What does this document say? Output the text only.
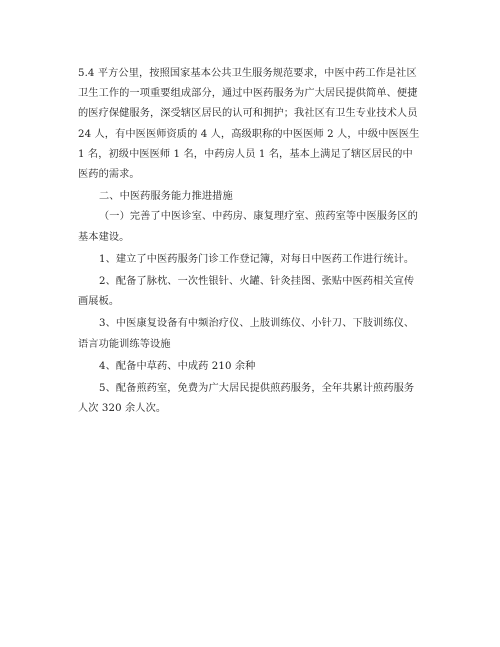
5.4 平方公里，按照国家基本公共卫生服务规范要求，中医中药工作是社区卫生工作的一项重要组成部分，通过中医药服务为广大居民提供简单、便捷的医疗保健服务，深受辖区居民的认可和拥护；我社区有卫生专业技术人员 24 人，有中医医师资质的 4 人，高级职称的中医医师 2 人，中级中医医生 1 名，初级中医医师 1 名，中药房人员 1 名，基本上满足了辖区居民的中医药的需求。

二、中医药服务能力推进措施

（一）完善了中医诊室、中药房、康复理疗室、煎药室等中医服务区的基本建设。

1、建立了中医药服务门诊工作登记簿，对每日中医药工作进行统计。

2、配备了脉枕、一次性银针、火罐、针灸挂图、张贴中医药相关宣传画展板。

3、中医康复设备有中频治疗仪、上肢训练仪、小针刀、下肢训练仪、语言功能训练等设施

4、配备中草药、中成药 210 余种

5、配备煎药室，免费为广大居民提供煎药服务，全年共累计煎药服务人次 320 余人次。
